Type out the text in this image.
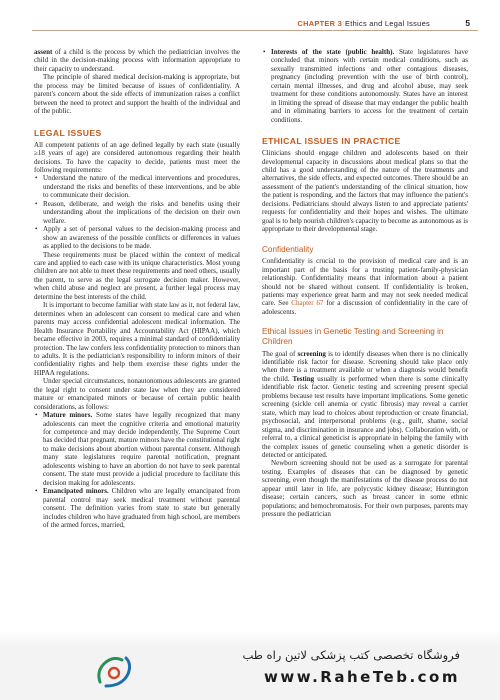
CHAPTER 3 Ethics and Legal Issues	5

assent of a child is the process by which the pediatrician involves the child in the decision-making process with information appropriate to their capacity to understand.

The principle of shared medical decision-making is appropriate, but the process may be limited because of issues of confidentiality. A parent's concern about the side effects of immunization raises a conflict between the need to protect and support the health of the individual and of the public.

LEGAL ISSUES

All competent patients of an age defined legally by each state (usually ≥18 years of age) are considered autonomous regarding their health decisions. To have the capacity to decide, patients must meet the following requirements:

• Understand the nature of the medical interventions and procedures, understand the risks and benefits of these interventions, and be able to communicate their decision.
• Reason, deliberate, and weigh the risks and benefits using their understanding about the implications of the decision on their own welfare.
• Apply a set of personal values to the decision-making process and show an awareness of the possible conflicts or differences in values as applied to the decisions to be made.

These requirements must be placed within the context of medical care and applied to each case with its unique characteristics. Most young children are not able to meet these requirements and need others, usually the parent, to serve as the legal surrogate decision maker. However, when child abuse and neglect are present, a further legal process may determine the best interests of the child.

It is important to become familiar with state law as it, not federal law, determines when an adolescent can consent to medical care and when parents may access confidential adolescent medical information. The Health Insurance Portability and Accountability Act (HIPAA), which became effective in 2003, requires a minimal standard of confidentiality protection. The law confers less confidentiality protection to minors than to adults. It is the pediatrician's responsibility to inform minors of their confidentiality rights and help them exercise these rights under the HIPAA regulations.

Under special circumstances, nonautonomous adolescents are granted the legal right to consent under state law when they are considered mature or emancipated minors or because of certain public health considerations, as follows:

• Mature minors. Some states have legally recognized that many adolescents can meet the cognitive criteria and emotional maturity for competence and may decide independently. The Supreme Court has decided that pregnant, mature minors have the constitutional right to make decisions about abortion without parental consent. Although many state legislatures require parental notification, pregnant adolescents wishing to have an abortion do not have to seek parental consent. The state must provide a judicial procedure to facilitate this decision making for adolescents.
• Emancipated minors. Children who are legally emancipated from parental control may seek medical treatment without parental consent. The definition varies from state to state but generally includes children who have graduated from high school, are members of the armed forces, married,
• Interests of the state (public health). State legislatures have concluded that minors with certain medical conditions, such as sexually transmitted infections and other contagious diseases, pregnancy (including prevention with the use of birth control), certain mental illnesses, and drug and alcohol abuse, may seek treatment for these conditions autonomously. States have an interest in limiting the spread of disease that may endanger the public health and in eliminating barriers to access for the treatment of certain conditions.
ETHICAL ISSUES IN PRACTICE

Clinicians should engage children and adolescents based on their developmental capacity in discussions about medical plans so that the child has a good understanding of the nature of the treatments and alternatives, the side effects, and expected outcomes. There should be an assessment of the patient's understanding of the clinical situation, how the patient is responding, and the factors that may influence the patient's decisions. Pediatricians should always listen to and appreciate patients' requests for confidentiality and their hopes and wishes. The ultimate goal is to help nourish children's capacity to become as autonomous as is appropriate to their developmental stage.

Confidentiality

Confidentiality is crucial to the provision of medical care and is an important part of the basis for a trusting patient-family-physician relationship. Confidentiality means that information about a patient should not be shared without consent. If confidentiality is broken, patients may experience great harm and may not seek needed medical care. See Chapter 67 for a discussion of confidentiality in the care of adolescents.

Ethical Issues in Genetic Testing and Screening in Children

The goal of screening is to identify diseases when there is no clinically identifiable risk factor for disease. Screening should take place only when there is a treatment available or when a diagnosis would benefit the child. Testing usually is performed when there is some clinically identifiable risk factor. Genetic testing and screening present special problems because test results have important implications. Some genetic screening (sickle cell anemia or cystic fibrosis) may reveal a carrier state, which may lead to choices about reproduction or create financial, psychosocial, and interpersonal problems (e.g., guilt, shame, social stigma, and discrimination in insurance and jobs). Collaboration with, or referral to, a clinical geneticist is appropriate in helping the family with the complex issues of genetic counseling when a genetic disorder is detected or anticipated.

Newborn screening should not be used as a surrogate for parental testing. Examples of diseases that can be diagnosed by genetic screening, even though the manifestations of the disease process do not appear until later in life, are polycystic kidney disease; Huntington disease; certain cancers, such as breast cancer in some ethnic populations; and hemochromatosis. For their own purposes, parents may pressure the pediatrician

فروشگاه تخصصی کتب پزشکی لاتین راه طب
www.RaheTeb.com
